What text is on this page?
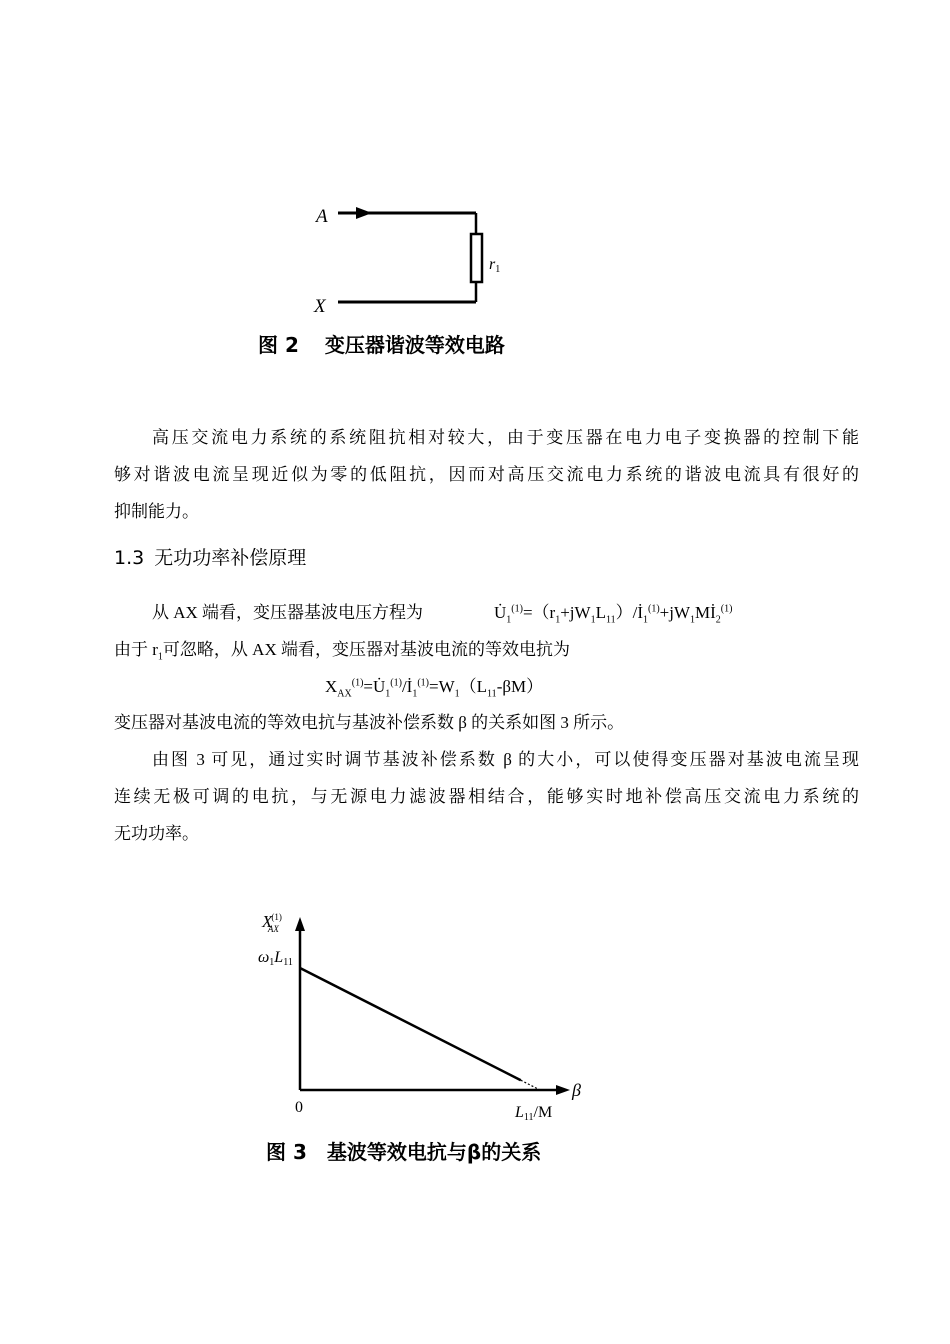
A
r1
X
图 2 变压器谐波等效电路
高压交流电力系统的系统阻抗相对较大，由于变压器在电力电子变换器的控制下能
够对谐波电流呈现近似为零的低阻抗，因而对高压交流电力系统的谐波电流具有很好的
抑制能力。
1.3 无功功率补偿原理
从 AX 端看，变压器基波电压方程为	$U̇_1^{(1)}=(r_1+jW_1L_{11})/İ_1^{(1)}+jW_1Mİ_2^{(1)}$
由于 $r_1$可忽略，从 AX 端看，变压器对基波电流的等效电抗为
$X_{AX}^{(1)}=U̇_1^{(1)}/İ_1^{(1)}=W_1(L_{11}-\beta M)$
变压器对基波电流的等效电抗与基波补偿系数 β 的关系如图 3 所示。
由图 3 可见，通过实时调节基波补偿系数 β 的大小，可以使得变压器对基波电流呈现
连续无极可调的电抗，与无源电力滤波器相结合，能够实时地补偿高压交流电力系统的
无功功率。
X(1) AX
ω1L11
0
β
L11/M
图 3 基波等效电抗与β的关系
